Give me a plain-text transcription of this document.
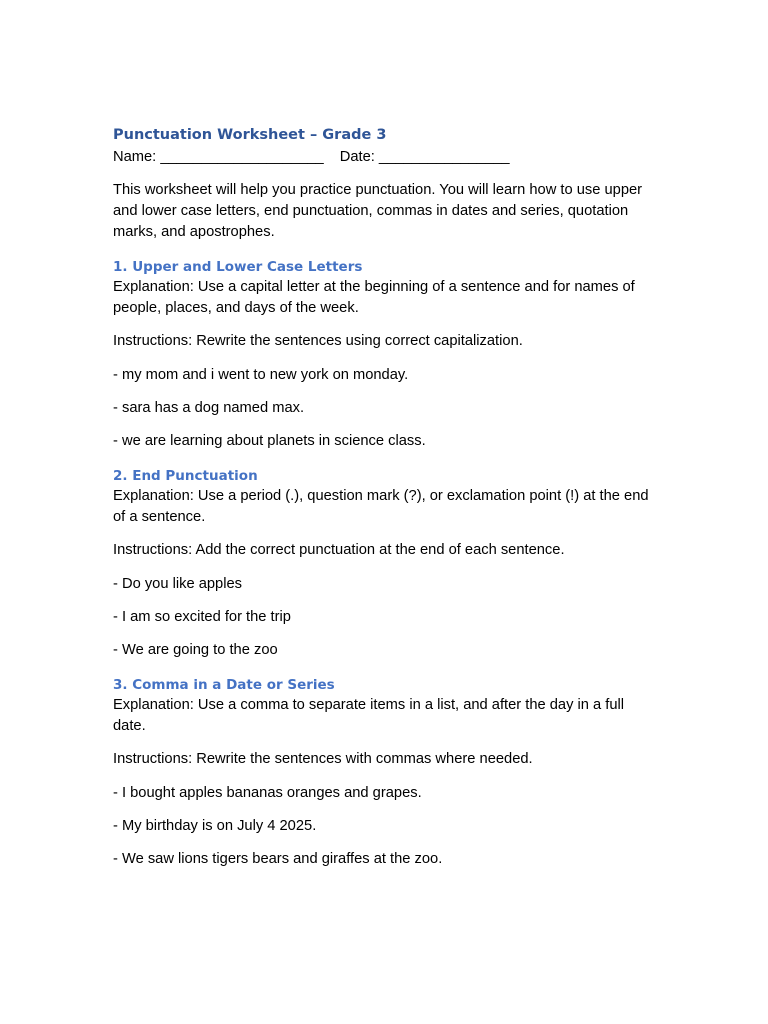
Punctuation Worksheet – Grade 3
Name: ____________________ Date: ________________

This worksheet will help you practice punctuation. You will learn how to use upper and lower case letters, end punctuation, commas in dates and series, quotation marks, and apostrophes.

1. Upper and Lower Case Letters

Explanation: Use a capital letter at the beginning of a sentence and for names of people, places, and days of the week.

Instructions: Rewrite the sentences using correct capitalization.

- my mom and i went to new york on monday.

- sara has a dog named max.

- we are learning about planets in science class.

2. End Punctuation

Explanation: Use a period (.), question mark (?), or exclamation point (!) at the end of a sentence.

Instructions: Add the correct punctuation at the end of each sentence.

- Do you like apples

- I am so excited for the trip

- We are going to the zoo

3. Comma in a Date or Series

Explanation: Use a comma to separate items in a list, and after the day in a full date.

Instructions: Rewrite the sentences with commas where needed.

- I bought apples bananas oranges and grapes.

- My birthday is on July 4 2025.

- We saw lions tigers bears and giraffes at the zoo.
